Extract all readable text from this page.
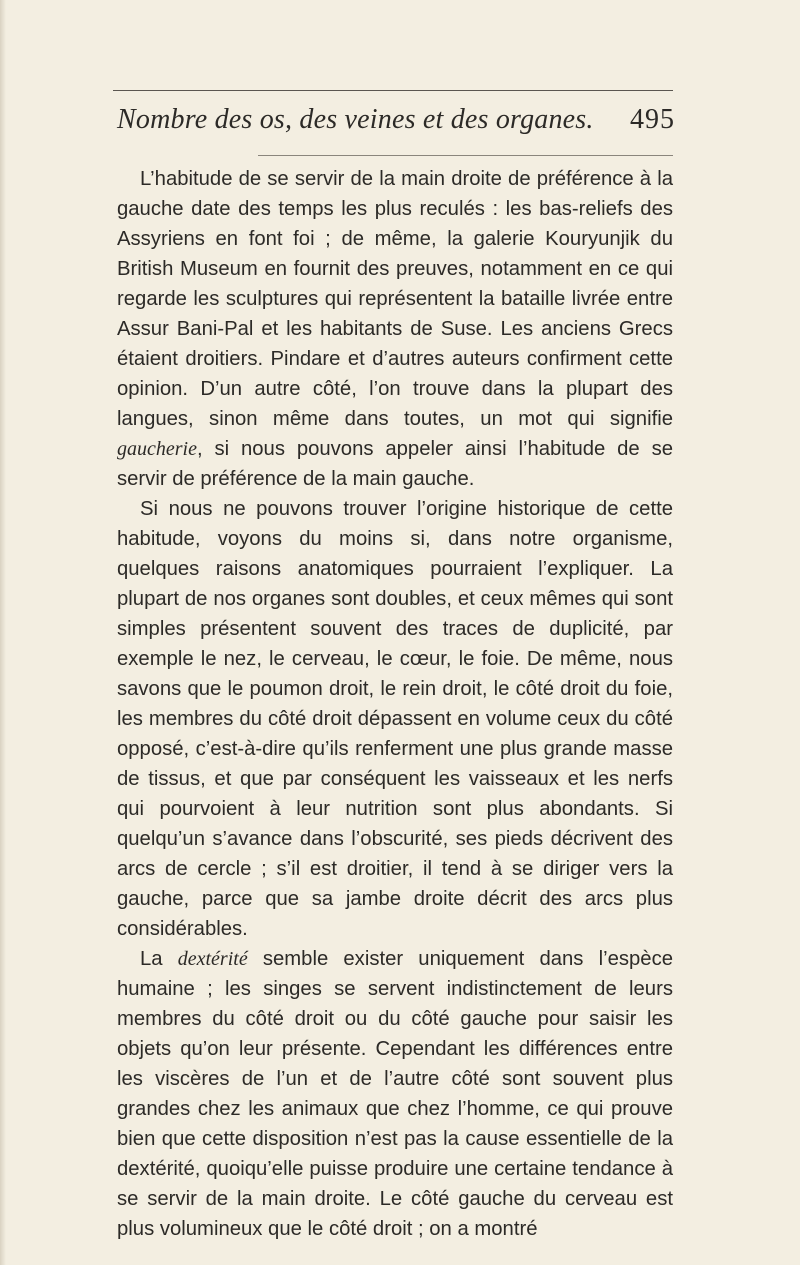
Nombre des os, des veines et des organes. 495

L’habitude de se servir de la main droite de préférence à la gauche date des temps les plus reculés : les bas-reliefs des Assyriens en font foi ; de même, la galerie Kouryunjik du British Museum en fournit des preuves, notamment en ce qui regarde les sculptures qui représentent la bataille livrée entre Assur Bani-Pal et les habitants de Suse. Les anciens Grecs étaient droitiers. Pindare et d’autres auteurs confirment cette opinion. D’un autre côté, l’on trouve dans la plupart des langues, sinon même dans toutes, un mot qui signifie gaucherie, si nous pouvons appeler ainsi l’habitude de se servir de préférence de la main gauche.

Si nous ne pouvons trouver l’origine historique de cette habitude, voyons du moins si, dans notre organisme, quelques raisons anatomiques pourraient l’expliquer. La plupart de nos organes sont doubles, et ceux mêmes qui sont simples présentent souvent des traces de duplicité, par exemple le nez, le cerveau, le cœur, le foie. De même, nous savons que le poumon droit, le rein droit, le côté droit du foie, les membres du côté droit dépassent en volume ceux du côté opposé, c’est-à-dire qu’ils renferment une plus grande masse de tissus, et que par conséquent les vaisseaux et les nerfs qui pourvoient à leur nutrition sont plus abondants. Si quelqu’un s’avance dans l’obscurité, ses pieds décrivent des arcs de cercle ; s’il est droitier, il tend à se diriger vers la gauche, parce que sa jambe droite décrit des arcs plus considérables.

La dextérité semble exister uniquement dans l’espèce humaine ; les singes se servent indistinctement de leurs membres du côté droit ou du côté gauche pour saisir les objets qu’on leur présente. Cependant les différences entre les viscères de l’un et de l’autre côté sont souvent plus grandes chez les animaux que chez l’homme, ce qui prouve bien que cette disposition n’est pas la cause essentielle de la dextérité, quoiqu’elle puisse produire une certaine tendance à se servir de la main droite. Le côté gauche du cerveau est plus volumineux que le côté droit ; on a montré
